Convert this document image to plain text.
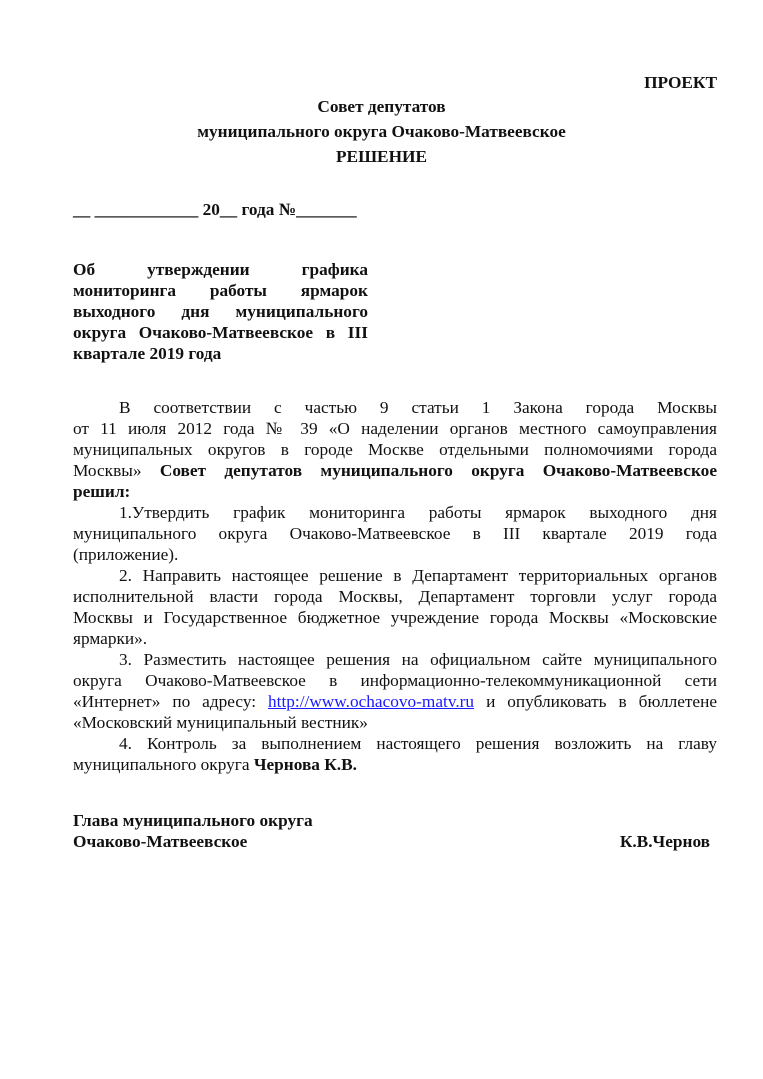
ПРОЕКТ
Совет депутатов
муниципального округа Очаково-Матвеевское
РЕШЕНИЕ
__ ____________ 20__ года №_______
Об утверждении графика мониторинга работы ярмарок выходного дня муниципального округа Очаково-Матвеевское в III квартале 2019 года
В соответствии с частью 9 статьи 1 Закона города Москвы
от 11 июля 2012 года № 39 «О наделении органов местного самоуправления
муниципальных округов в городе Москве отдельными полномочиями города
Москвы» Совет депутатов муниципального округа Очаково-Матвеевское
решил:
1.Утвердить график мониторинга работы ярмарок выходного дня
муниципального округа Очаково-Матвеевское в III квартале 2019 года
(приложение).
2. Направить настоящее решение в Департамент территориальных органов
исполнительной власти города Москвы, Департамент торговли услуг города
Москвы и Государственное бюджетное учреждение города Москвы «Московские
ярмарки».
3. Разместить настоящее решения на официальном сайте муниципального
округа Очаково-Матвеевское в информационно-телекоммуникационной сети
«Интернет» по адресу: http://www.ochacovo-matv.ru и опубликовать в бюллетене
«Московский муниципальный вестник»
4. Контроль за выполнением настоящего решения возложить на главу
муниципального округа Чернова К.В.
Глава муниципального округа
Очаково-Матвеевское	К.В.Чернов
